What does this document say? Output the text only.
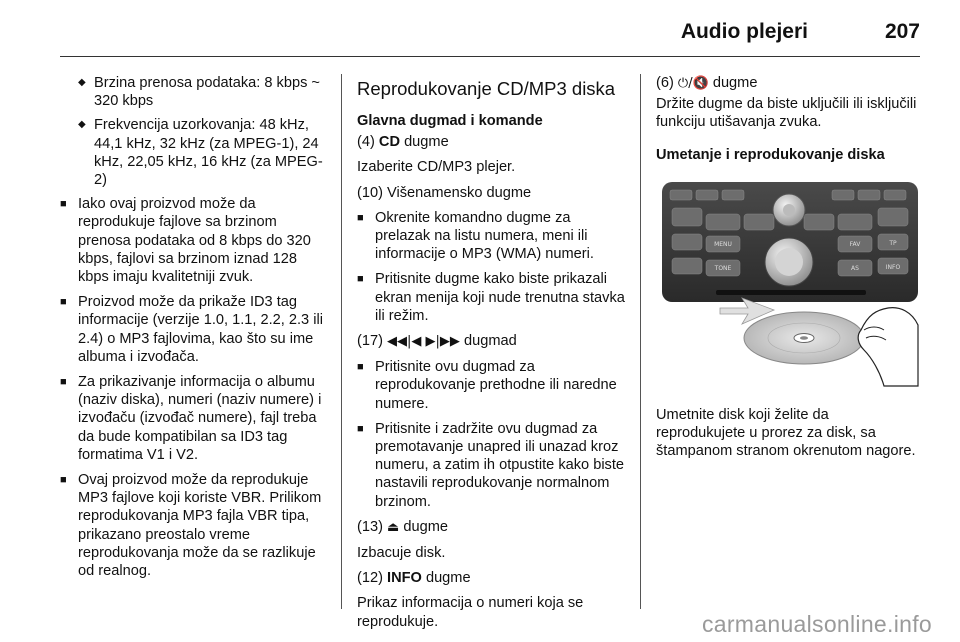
Audio plejeri	207
◆ Brzina prenosa podataka: 8 kbps ~ 320 kbps
◆ Frekvencija uzorkovanja: 48 kHz, 44,1 kHz, 32 kHz (za MPEG-1), 24 kHz, 22,05 kHz, 16 kHz (za MPEG-2)
■ Iako ovaj proizvod može da reprodukuje fajlove sa brzinom prenosa podataka od 8 kbps do 320 kbps, fajlovi sa brzinom iznad 128 kbps imaju kvalitetniji zvuk.
■ Proizvod može da prikaže ID3 tag informacije (verzije 1.0, 1.1, 2.2, 2.3 ili 2.4) o MP3 fajlovima, kao što su ime albuma i izvođača.
■ Za prikazivanje informacija o albumu (naziv diska), numeri (naziv numere) i izvođaču (izvođač numere), fajl treba da bude kompatibilan sa ID3 tag formatima V1 i V2.
■ Ovaj proizvod može da reprodukuje MP3 fajlove koji koriste VBR. Prilikom reprodukovanja MP3 fajla VBR tipa, prikazano preostalo vreme reprodukovanja može da se razlikuje od realnog.
Reprodukovanje CD/MP3 diska
Glavna dugmad i komande

(4) CD dugme

Izaberite CD/MP3 plejer.

(10) Višenamensko dugme

■ Okrenite komandno dugme za prelazak na listu numera, meni ili informacije o MP3 (WMA) numeri.
■ Pritisnite dugme kako biste prikazali ekran menija koji nude trenutna stavka ili režim.

(17) ◀◀|◀ ▶|▶▶ dugmad

■ Pritisnite ovu dugmad za reprodukovanje prethodne ili naredne numere.
■ Pritisnite i zadržite ovu dugmad za premotavanje unapred ili unazad kroz numeru, a zatim ih otpustite kako biste nastavili reprodukovanje normalnom brzinom.

(13) ⏏ dugme

Izbacuje disk.

(12) INFO dugme

Prikaz informacija o numeri koja se reprodukuje.

(6) ⏻/🔇 dugme

Držite dugme da biste uključili ili isključili funkciju utišavanja zvuka.

Umetanje i reprodukovanje diska
MENU
TONE
FAV
AS
TP
INFO

Umetnite disk koji želite da reprodukujete u prorez za disk, sa štampanom stranom okrenutom nagore.

carmanualsonline.info
